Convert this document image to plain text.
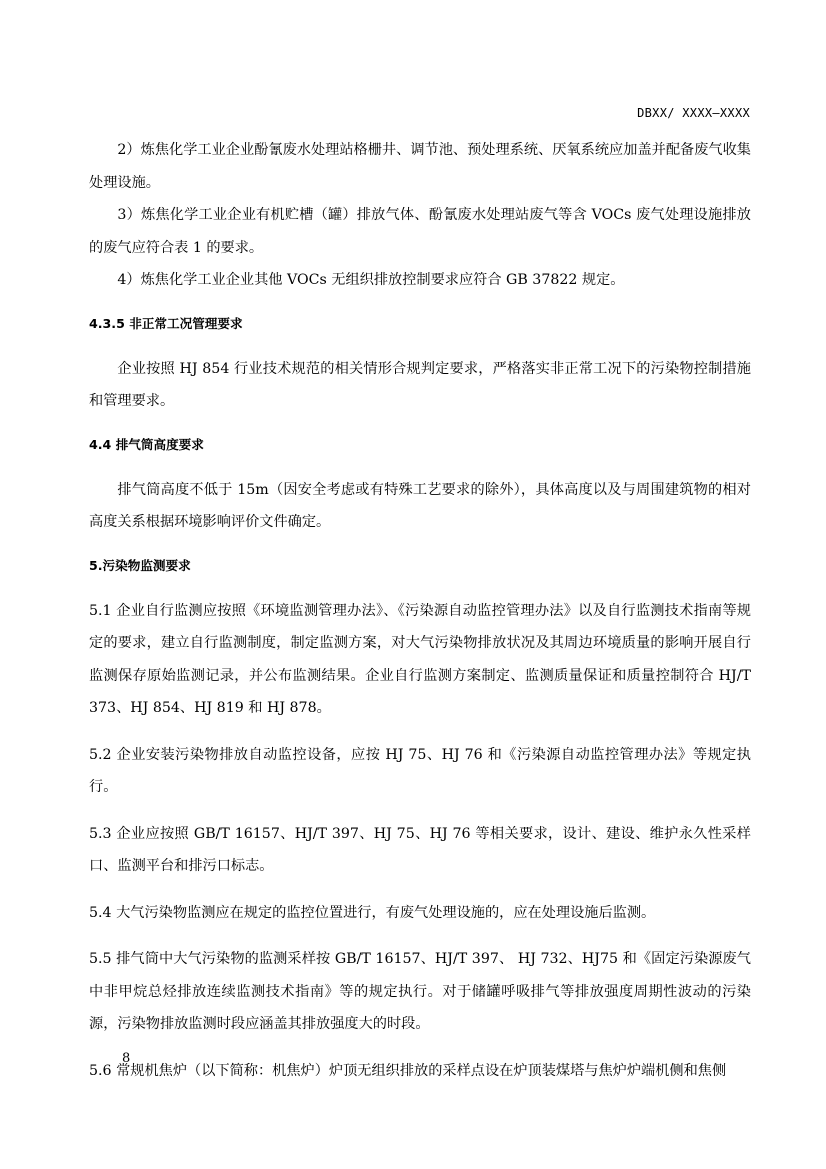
DBXX/ XXXX—XXXX

2）炼焦化学工业企业酚氰废水处理站格栅井、调节池、预处理系统、厌氧系统应加盖并配备废气收集处理设施。

3）炼焦化学工业企业有机贮槽（罐）排放气体、酚氰废水处理站废气等含 VOCs 废气处理设施排放的废气应符合表 1 的要求。

4）炼焦化学工业企业其他 VOCs 无组织排放控制要求应符合 GB 37822 规定。

4.3.5 非正常工况管理要求

企业按照 HJ 854 行业技术规范的相关情形合规判定要求，严格落实非正常工况下的污染物控制措施和管理要求。

4.4 排气筒高度要求

排气筒高度不低于 15m（因安全考虑或有特殊工艺要求的除外），具体高度以及与周围建筑物的相对高度关系根据环境影响评价文件确定。

5.污染物监测要求

5.1 企业自行监测应按照《环境监测管理办法》、《污染源自动监控管理办法》以及自行监测技术指南等规定的要求，建立自行监测制度，制定监测方案，对大气污染物排放状况及其周边环境质量的影响开展自行监测保存原始监测记录，并公布监测结果。企业自行监测方案制定、监测质量保证和质量控制符合 HJ/T 373、HJ 854、HJ 819 和 HJ 878。

5.2 企业安装污染物排放自动监控设备，应按 HJ 75、HJ 76 和《污染源自动监控管理办法》等规定执行。

5.3 企业应按照 GB/T 16157、HJ/T 397、HJ 75、HJ 76 等相关要求，设计、建设、维护永久性采样口、监测平台和排污口标志。

5.4 大气污染物监测应在规定的监控位置进行，有废气处理设施的，应在处理设施后监测。

5.5 排气筒中大气污染物的监测采样按 GB/T 16157、HJ/T 397、 HJ 732、HJ75 和《固定污染源废气中非甲烷总烃排放连续监测技术指南》等的规定执行。对于储罐呼吸排气等排放强度周期性波动的污染源，污染物排放监测时段应涵盖其排放强度大的时段。

5.6 常规机焦炉（以下简称：机焦炉）炉顶无组织排放的采样点设在炉顶装煤塔与焦炉炉端机侧和焦侧

8
